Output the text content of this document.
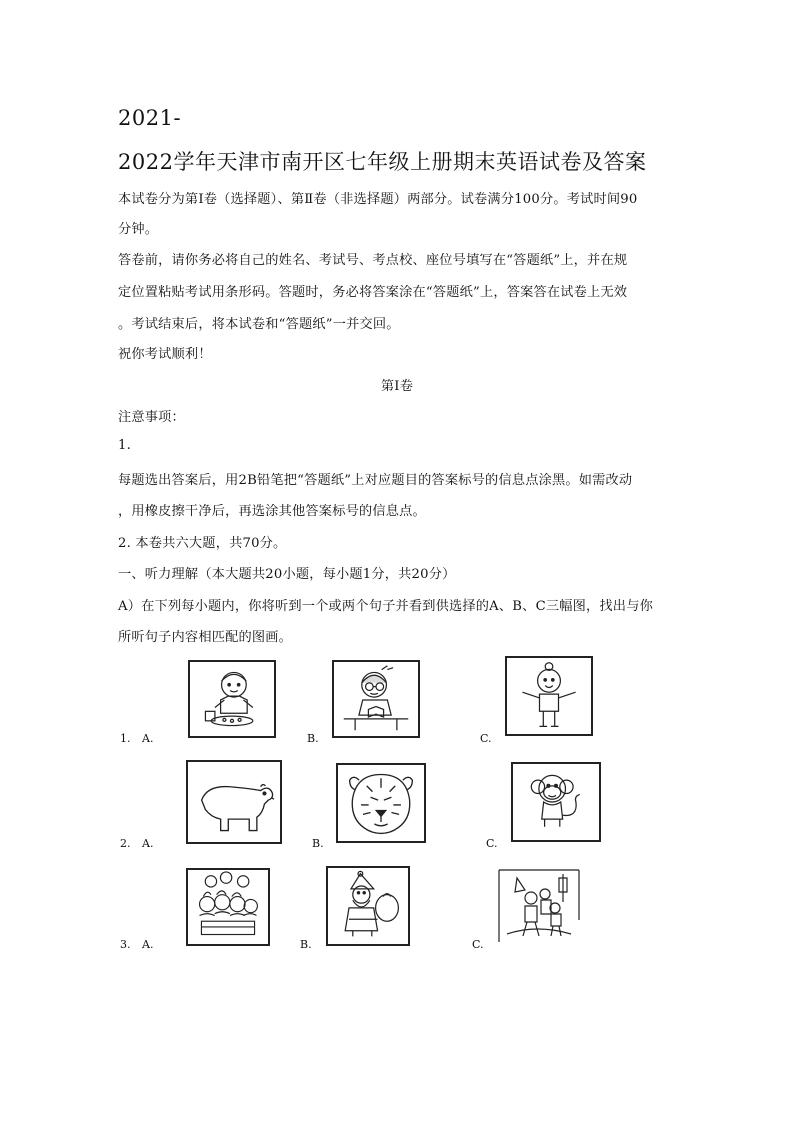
2021-
2022学年天津市南开区七年级上册期末英语试卷及答案
本试卷分为第Ⅰ卷（选择题）、第Ⅱ卷（非选择题）两部分。试卷满分100分。考试时间90
分钟。
答卷前，请你务必将自己的姓名、考试号、考点校、座位号填写在“答题纸”上，并在规
定位置粘贴考试用条形码。答题时，务必将答案涂在“答题纸”上，答案答在试卷上无效
。考试结束后，将本试卷和“答题纸”一并交回。
祝你考试顺利！
第Ⅰ卷
注意事项：
1.
每题选出答案后，用2B铅笔把“答题纸”上对应题目的答案标号的信息点涂黑。如需改动
，用橡皮擦干净后，再选涂其他答案标号的信息点。
2. 本卷共六大题，共70分。
一、听力理解（本大题共20小题，每小题1分，共20分）
A）在下列每小题内，你将听到一个或两个句子并看到供选择的A、B、C三幅图，找出与你
所听句子内容相匹配的图画。
1. A.	B.	C.
2. A.	B.	C.
3. A.	B.	C.
